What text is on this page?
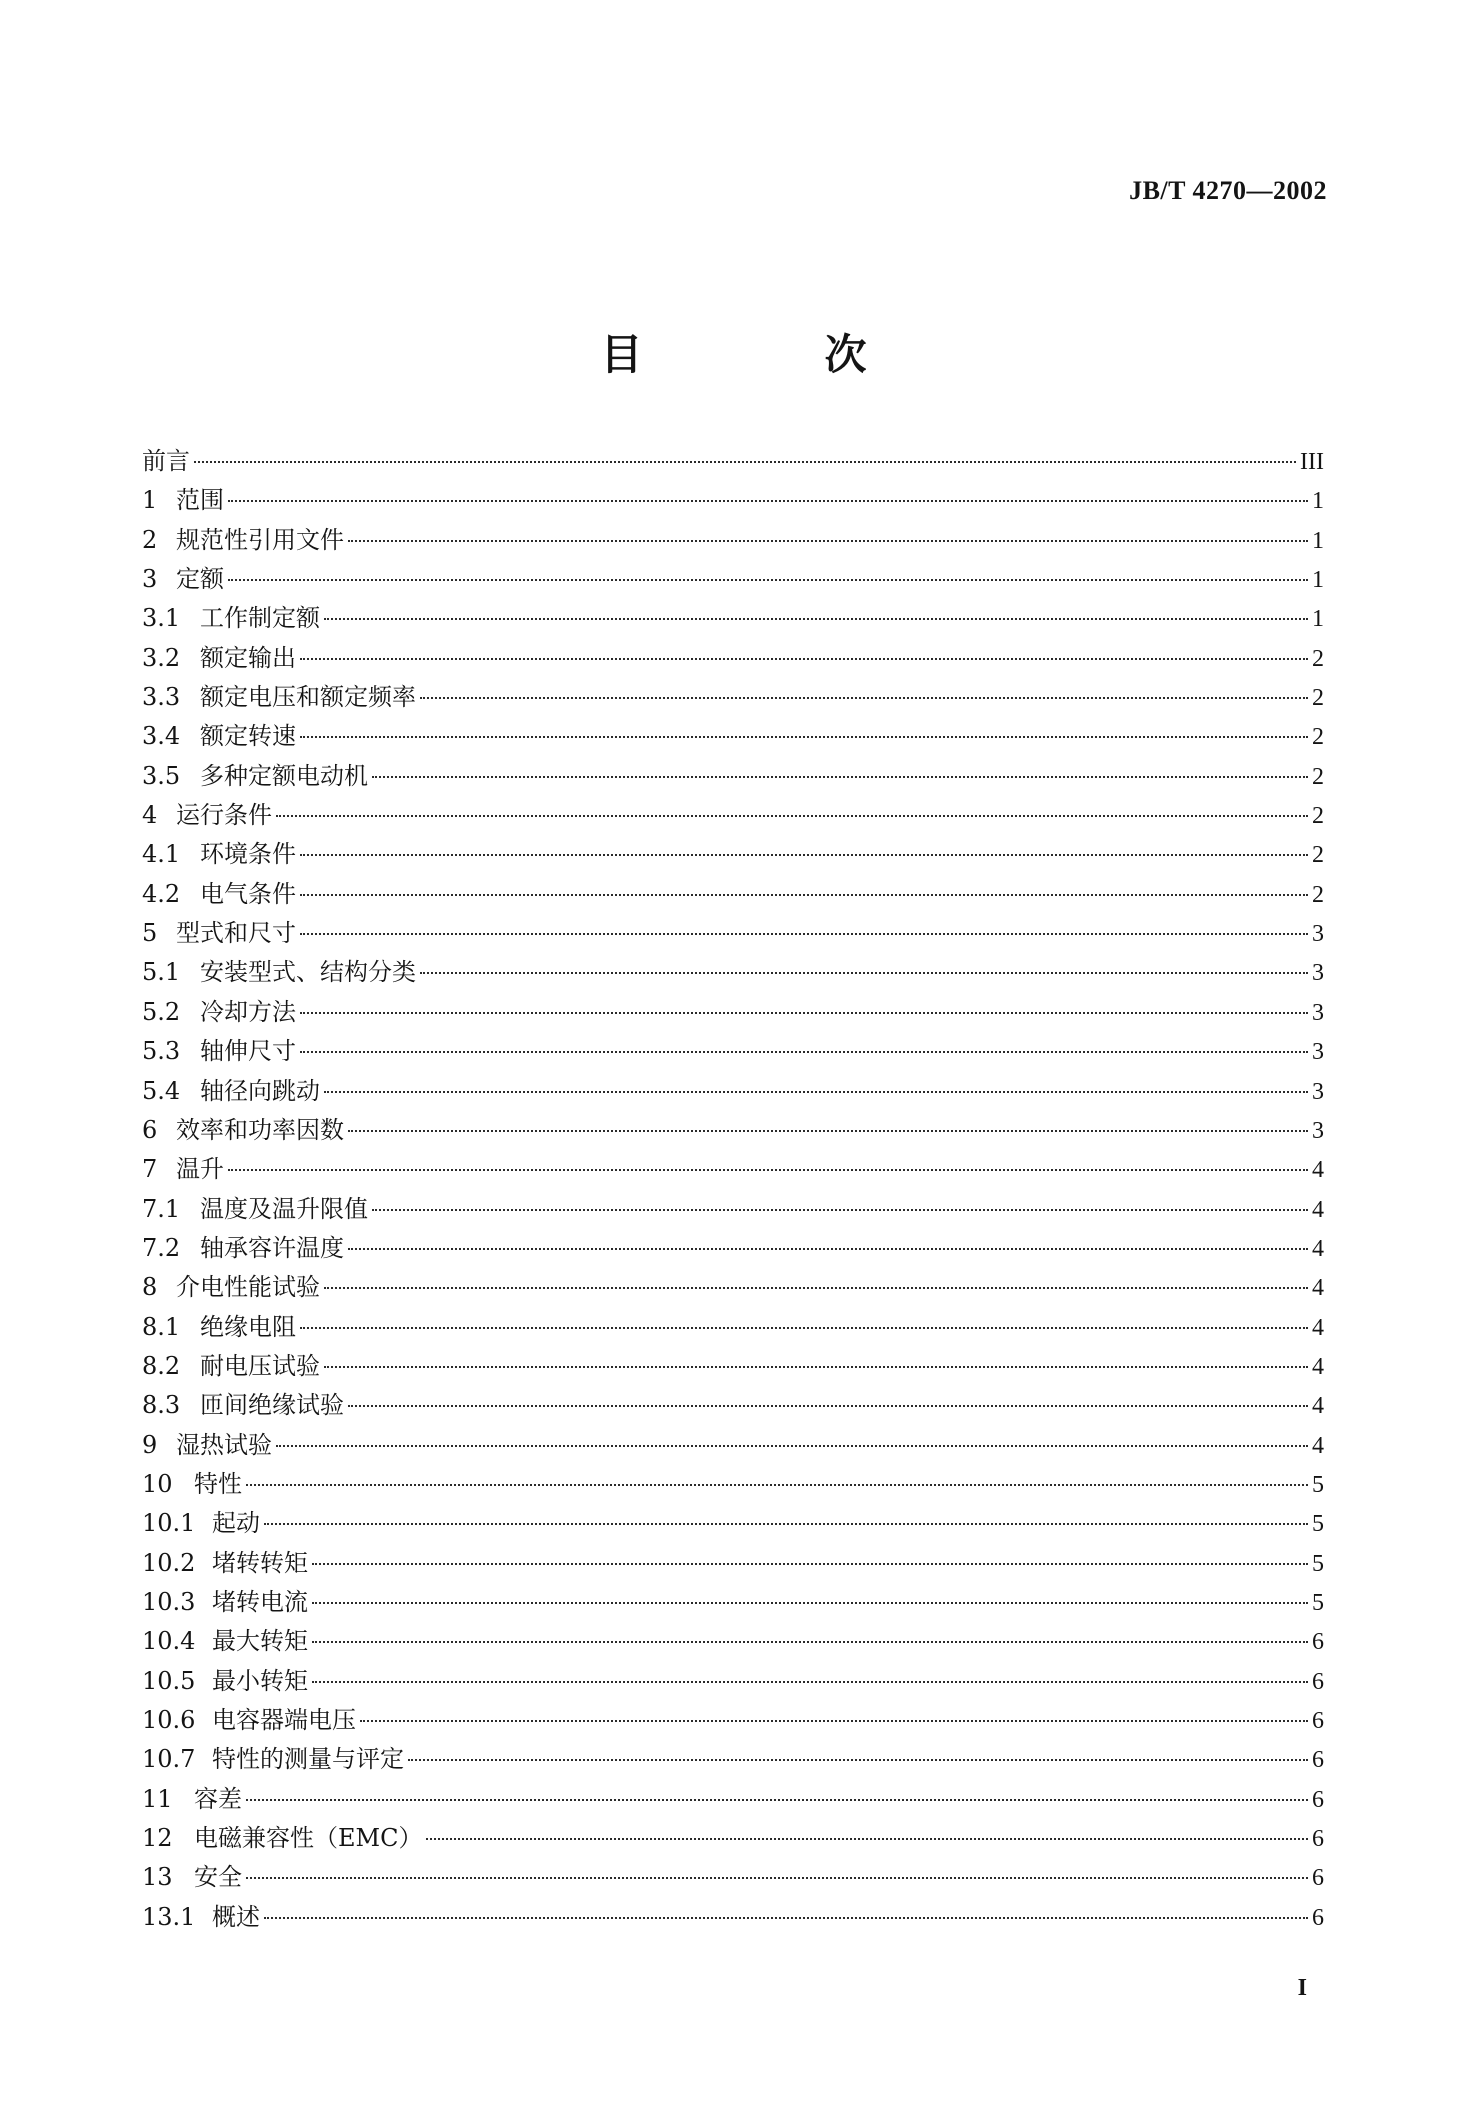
JB/T 4270—2002
目　次
前言	III
1 范围	1
2 规范性引用文件	1
3 定额	1
3.1 工作制定额	1
3.2 额定输出	2
3.3 额定电压和额定频率	2
3.4 额定转速	2
3.5 多种定额电动机	2
4 运行条件	2
4.1 环境条件	2
4.2 电气条件	2
5 型式和尺寸	3
5.1 安装型式、结构分类	3
5.2 冷却方法	3
5.3 轴伸尺寸	3
5.4 轴径向跳动	3
6 效率和功率因数	3
7 温升	4
7.1 温度及温升限值	4
7.2 轴承容许温度	4
8 介电性能试验	4
8.1 绝缘电阻	4
8.2 耐电压试验	4
8.3 匝间绝缘试验	4
9 湿热试验	4
10 特性	5
10.1 起动	5
10.2 堵转转矩	5
10.3 堵转电流	5
10.4 最大转矩	6
10.5 最小转矩	6
10.6 电容器端电压	6
10.7 特性的测量与评定	6
11 容差	6
12 电磁兼容性（EMC）	6
13 安全	6
13.1 概述	6
I
